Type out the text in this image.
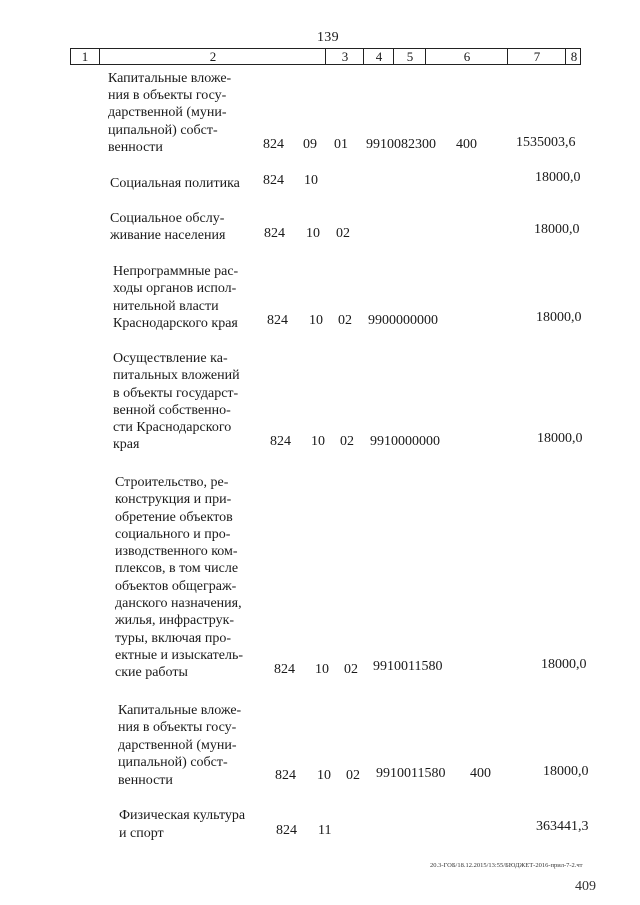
139
1	2	3	4	5	6	7	8
Капитальные вложе-
ния в объекты госу-
дарственной (муни-
ципальной) собст-
венности	824 09 01 9910082300 400	1535003,6
Социальная политика	824 10	18000,0
Социальное обслу-
живание населения	824 10 02	18000,0
Непрограммные рас-
ходы органов испол-
нительной власти
Краснодарского края	824 10 02 9900000000	18000,0
Осуществление ка-
питальных вложений
в объекты государст-
венной собственно-
сти Краснодарского
края	824 10 02 9910000000	18000,0
Строительство, ре-
конструкция и при-
обретение объектов
социального и про-
изводственного ком-
плексов, в том числе
объектов общеграж-
данского назначения,
жилья, инфраструк-
туры, включая про-
ектные и изыскатель-
ские работы	824 10 02 9910011580	18000,0
Капитальные вложе-
ния в объекты госу-
дарственной (муни-
ципальной) собст-
венности	824 10 02 9910011580 400	18000,0
Физическая культура
и спорт	824 11	363441,3
20.3-ГОБ/18.12.2015/13:55/БЮДЖЕТ-2016-прил-7-2.чт
409
